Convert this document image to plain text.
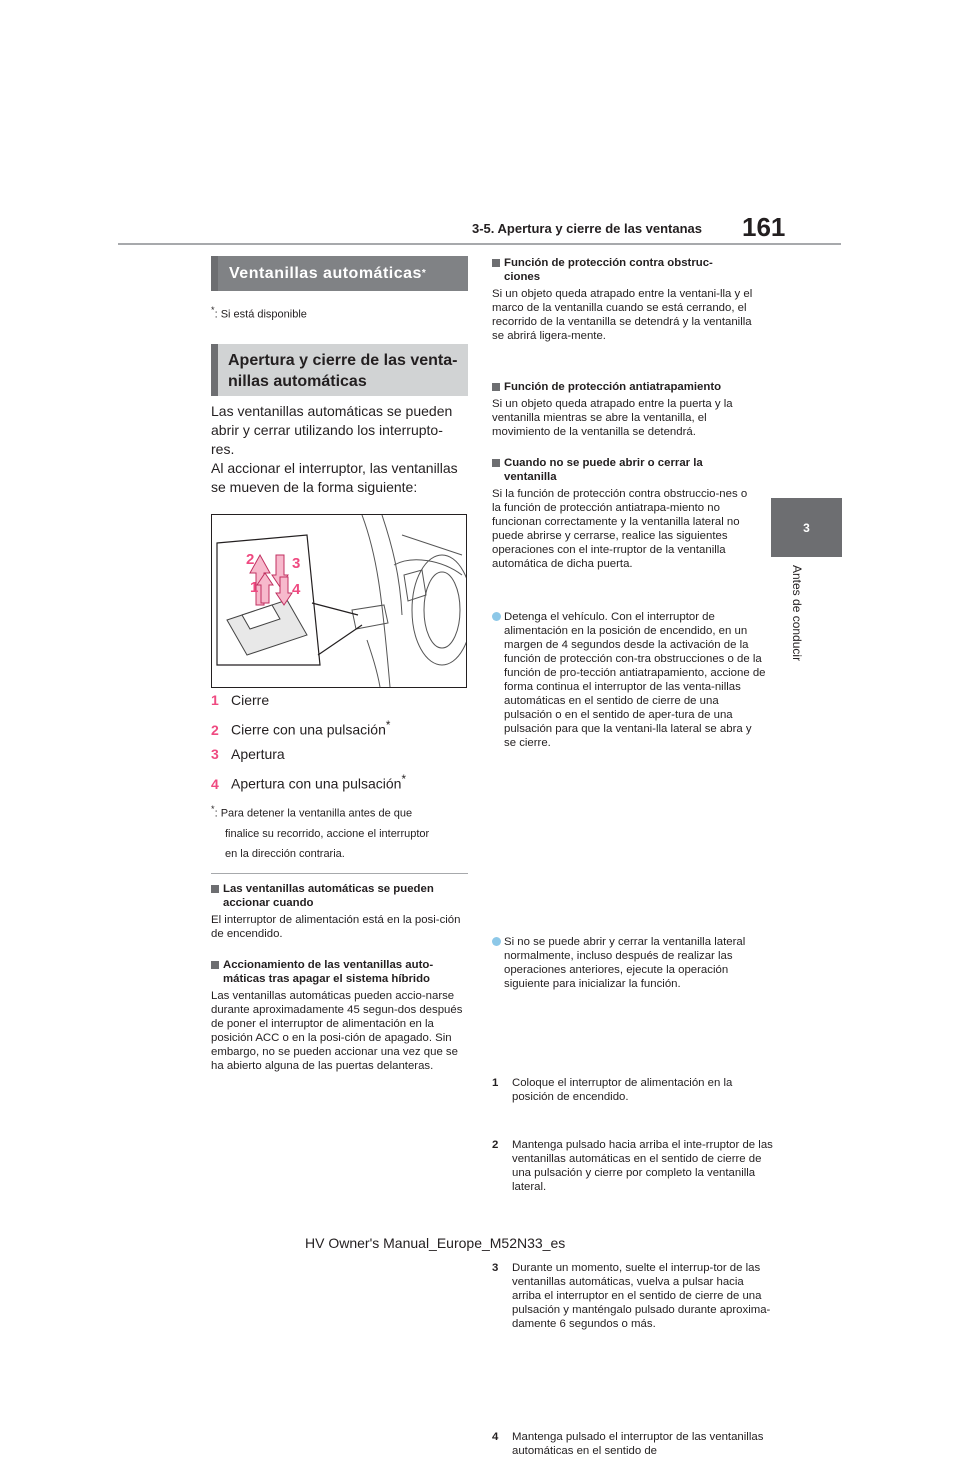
3-5. Apertura y cierre de las ventanas 161
3
Antes de conducir
Ventanillas automáticas *
*: Si está disponible
Apertura y cierre de las venta-
nillas automáticas
Las ventanillas automáticas se pueden
abrir y cerrar utilizando los interrupto-
res.
Al accionar el interruptor, las ventanillas
se mueven de la forma siguiente:
2	3
1 4
1 Cierre
2 Cierre con una pulsación*
3 Apertura
4 Apertura con una pulsación*
*: Para detener la ventanilla antes de que
finalice su recorrido, accione el interruptor
en la dirección contraria.
Las ventanillas automáticas se pueden
accionar cuando
El interruptor de alimentación está en la posi-ción de encendido.
Accionamiento de las ventanillas auto-
máticas tras apagar el sistema híbrido
Las ventanillas automáticas pueden accio-narse durante aproximadamente 45 segun-dos después de poner el interruptor de alimentación en la posición ACC o en la posi-ción de apagado. Sin embargo, no se pueden accionar una vez que se ha abierto alguna de las puertas delanteras.
Función de protección contra obstruc-
ciones
Si un objeto queda atrapado entre la ventani-lla y el marco de la ventanilla cuando se está cerrando, el recorrido de la ventanilla se detendrá y la ventanilla se abrirá ligera-mente.
Función de protección antiatrapamiento
Si un objeto queda atrapado entre la puerta y la ventanilla mientras se abre la ventanilla, el movimiento de la ventanilla se detendrá.
Cuando no se puede abrir o cerrar la
ventanilla
Si la función de protección contra obstruccio-nes o la función de protección antiatrapa-miento no funcionan correctamente y la ventanilla lateral no puede abrirse y cerrarse, realice las siguientes operaciones con el inte-rruptor de la ventanilla automática de dicha puerta.
Detenga el vehículo. Con el interruptor de alimentación en la posición de encendido, en un margen de 4 segundos desde la activación de la función de protección con-tra obstrucciones o de la función de pro-tección antiatrapamiento, accione de forma continua el interruptor de las venta-nillas automáticas en el sentido de cierre de una pulsación o en el sentido de aper-tura de una pulsación para que la ventani-lla lateral se abra y se cierre.
Si no se puede abrir y cerrar la ventanilla lateral normalmente, incluso después de realizar las operaciones anteriores, ejecute la operación siguiente para inicializar la función.
1 Coloque el interruptor de alimentación en la posición de encendido.
2 Mantenga pulsado hacia arriba el inte-rruptor de las ventanillas automáticas en el sentido de cierre de una pulsación y cierre por completo la ventanilla lateral.
3 Durante un momento, suelte el interrup-tor de las ventanillas automáticas, vuelva a pulsar hacia arriba el interruptor en el sentido de cierre de una pulsación y manténgalo pulsado durante aproxima-damente 6 segundos o más.
4 Mantenga pulsado el interruptor de las ventanillas automáticas en el sentido de
HV Owner's Manual_Europe_M52N33_es
